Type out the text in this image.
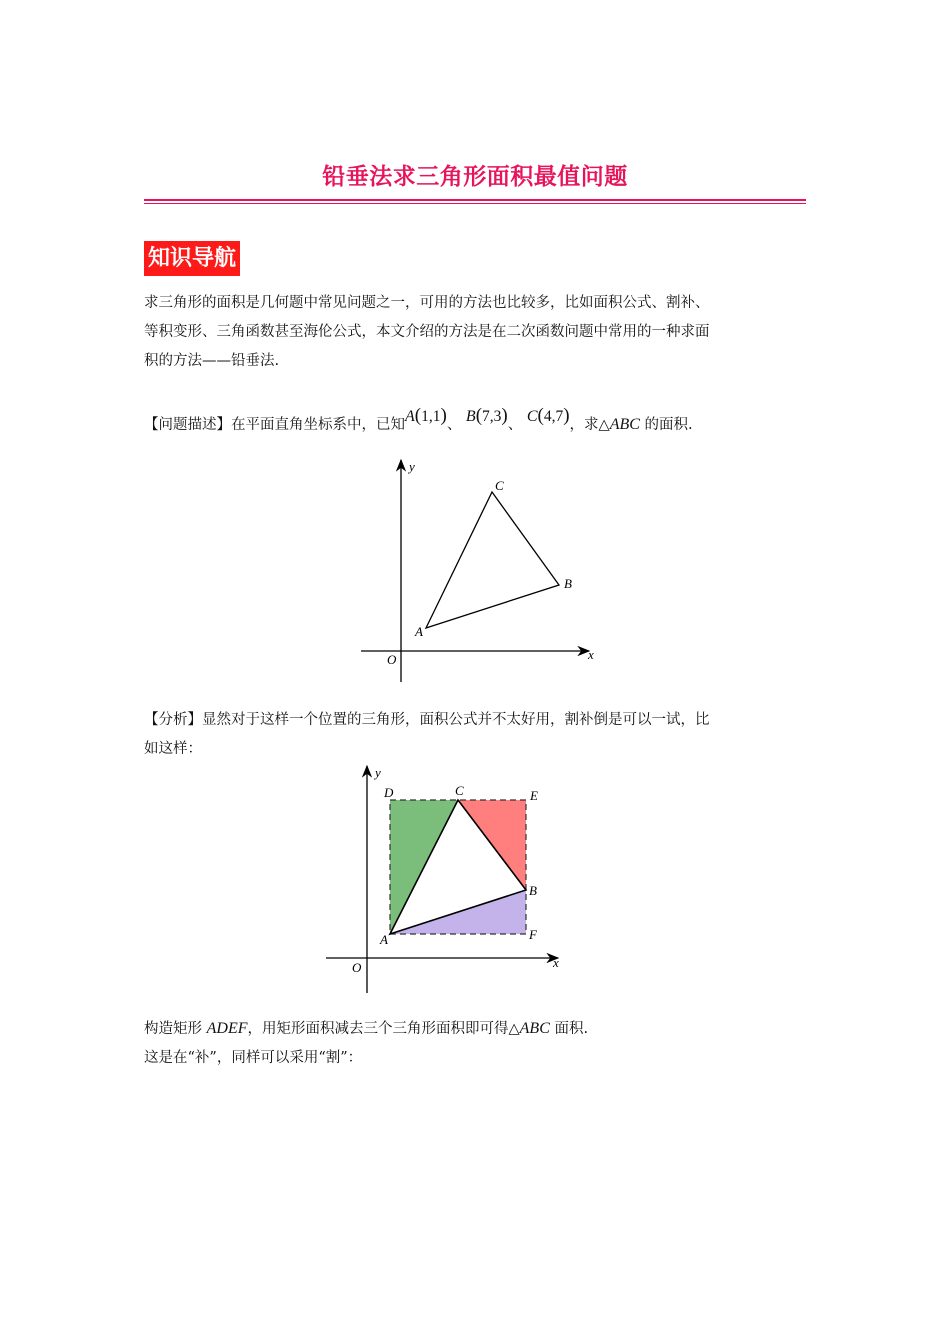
铅垂法求三角形面积最值问题
知识导航
求三角形的面积是几何题中常见问题之一，可用的方法也比较多，比如面积公式、割补、
等积变形、三角函数甚至海伦公式，本文介绍的方法是在二次函数问题中常用的一种求面
积的方法——铅垂法.
【问题描述】在平面直角坐标系中，已知A(1,1)、 B(7,3)、 C(4,7)，求△ABC 的面积.
y
x
O
A
B
C
【分析】显然对于这样一个位置的三角形，面积公式并不太好用，割补倒是可以一试，比
如这样：
y
x
O
D	C	E
B
F
A
构造矩形 ADEF，用矩形面积减去三个三角形面积即可得△ABC 面积.
这是在“补”，同样可以采用“割”：
